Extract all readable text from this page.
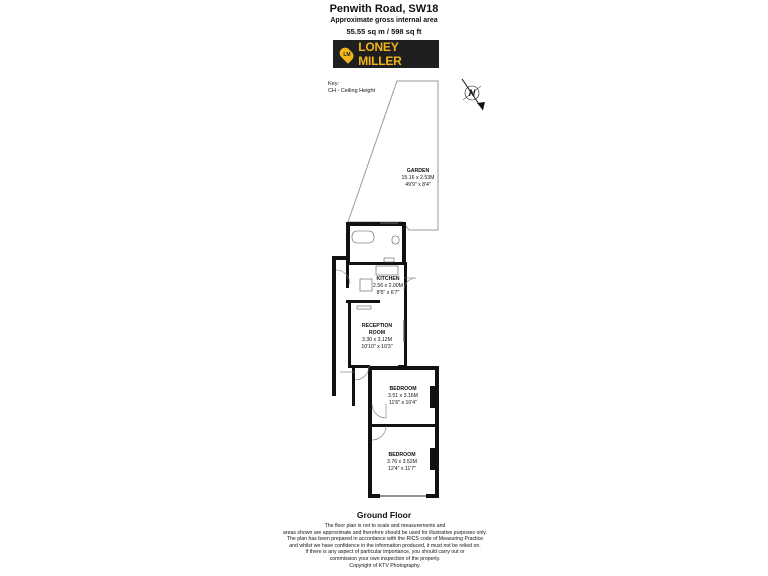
Penwith Road, SW18
Approximate gross internal area
55.55 sq m / 598 sq ft
LM
LONEY MILLER
Key:
CH - Ceiling Height	N
GARDEN
15.16 x 2.53M
49'9" x 8'4"
KITCHEN
2.56 x 2.00M
8'5" x 6'7"
RECEPTION
ROOM
3.30 x 3.12M
10'10" x 10'3"
BEDROOM
3.51 x 3.16M
11'6" x 10'4"
BEDROOM
3.76 x 3.52M
12'4" x 11'7"
Ground Floor
The floor plan is not to scale and measurements and
areas shown are approximate and therefore should be used for illustrative purposes only.
The plan has been prepared in accordance with the RICS code of Measuring Practice
and whilst we have confidence in the information produced, it must not be relied on.
If there is any aspect of particular importance, you should carry out or
commission your own inspection of the property.
Copyright of KTV Photography.
